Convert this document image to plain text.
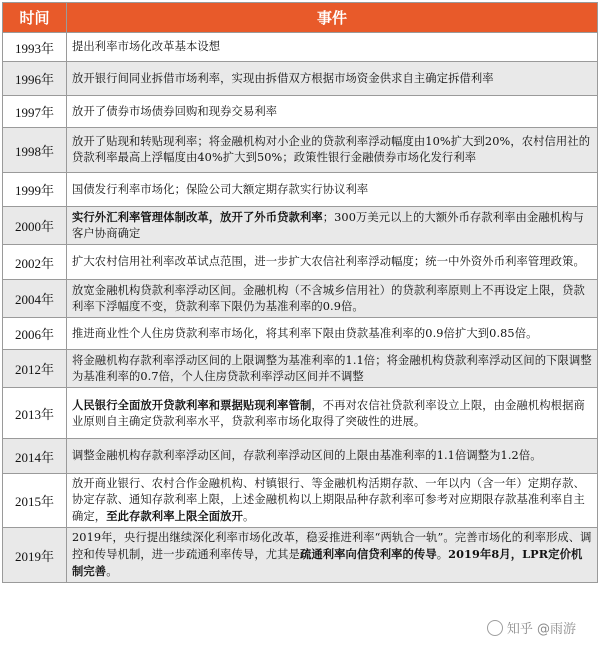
时间	事件
1993年	提出利率市场化改革基本设想
1996年	放开银行间同业拆借市场利率，实现由拆借双方根据市场资金供求自主确定拆借利率
1997年	放开了债券市场债券回购和现券交易利率
1998年	放开了贴现和转贴现利率；将金融机构对小企业的贷款利率浮动幅度由10%扩大到20%，农村信用社的贷款利率最高上浮幅度由40%扩大到50%；政策性银行金融债券市场化发行利率
1999年	国债发行利率市场化；保险公司大额定期存款实行协议利率
2000年	实行外汇利率管理体制改革，放开了外币贷款利率；300万美元以上的大额外币存款利率由金融机构与客户协商确定
2002年	扩大农村信用社利率改革试点范围，进一步扩大农信社利率浮动幅度；统一中外资外币利率管理政策。
2004年	放宽金融机构贷款利率浮动区间。金融机构（不含城乡信用社）的贷款利率原则上不再设定上限，贷款利率下浮幅度不变，贷款利率下限仍为基准利率的0.9倍。
2006年	推进商业性个人住房贷款利率市场化，将其利率下限由贷款基准利率的0.9倍扩大到0.85倍。
2012年	将金融机构存款利率浮动区间的上限调整为基准利率的1.1倍；将金融机构贷款利率浮动区间的下限调整为基准利率的0.7倍，个人住房贷款利率浮动区间并不调整
2013年	人民银行全面放开贷款利率和票据贴现利率管制，不再对农信社贷款利率设立上限，由金融机构根据商业原则自主确定贷款利率水平，贷款利率市场化取得了突破性的进展。
2014年	调整金融机构存款利率浮动区间，存款利率浮动区间的上限由基准利率的1.1倍调整为1.2倍。
2015年	放开商业银行、农村合作金融机构、村镇银行、等金融机构活期存款、一年以内（含一年）定期存款、协定存款、通知存款利率上限，上述金融机构以上期限品种存款利率可参考对应期限存款基准利率自主确定，至此存款利率上限全面放开。
2019年	2019年，央行提出继续深化利率市场化改革，稳妥推进利率“两轨合一轨”。完善市场化的利率形成、调控和传导机制，进一步疏通利率传导，尤其是疏通利率向信贷利率的传导。2019年8月，LPR定价机制完善。
知乎 @雨游
